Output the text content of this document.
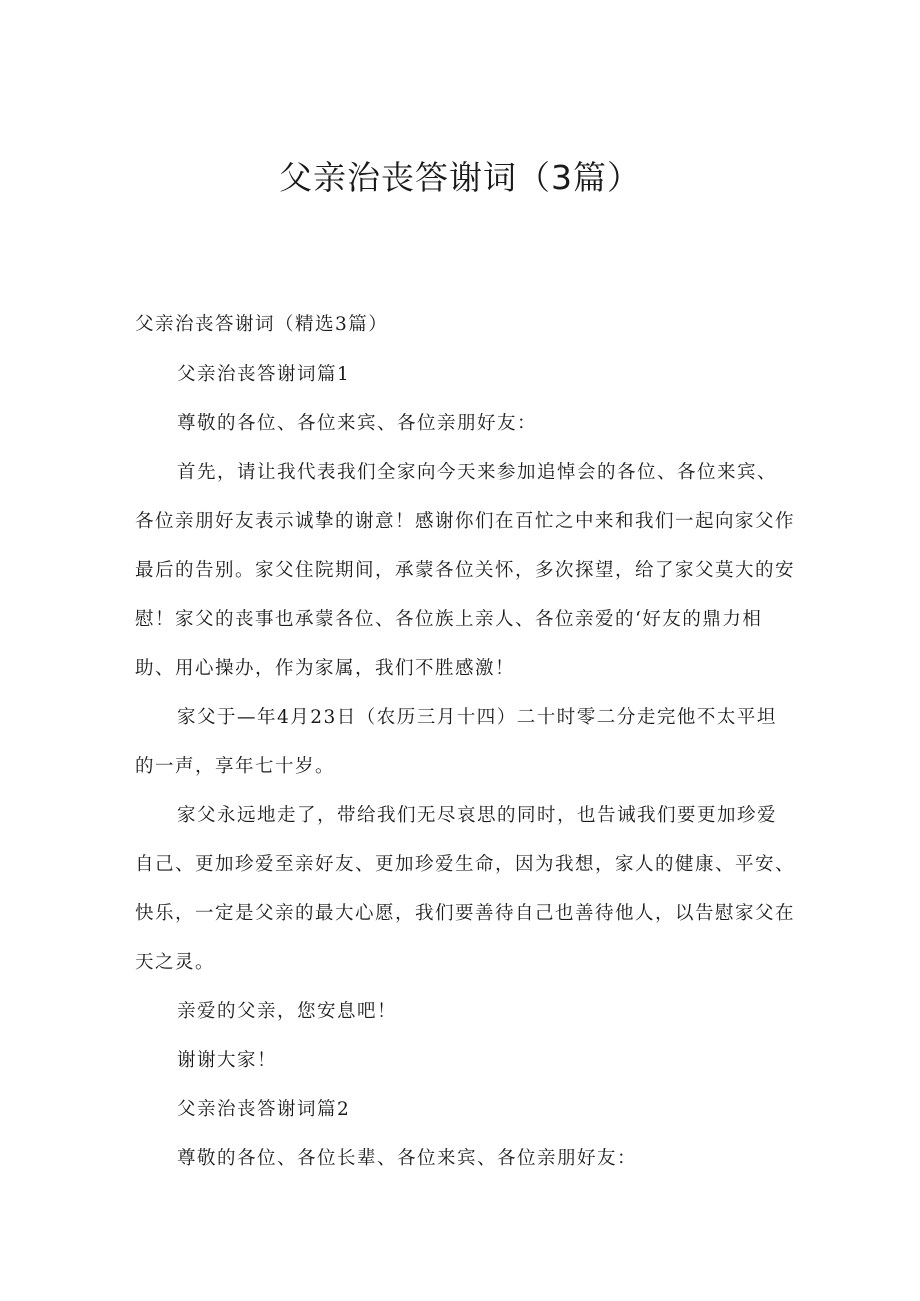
父亲治丧答谢词（3篇）
父亲治丧答谢词（精选3篇）

父亲治丧答谢词篇1

尊敬的各位、各位来宾、各位亲朋好友：

首先，请让我代表我们全家向今天来参加追悼会的各位、各位来宾、各位亲朋好友表示诚挚的谢意！感谢你们在百忙之中来和我们一起向家父作最后的告别。家父住院期间，承蒙各位关怀，多次探望，给了家父莫大的安慰！家父的丧事也承蒙各位、各位族上亲人、各位亲爱的‘好友的鼎力相助、用心操办，作为家属，我们不胜感激！

家父于—年4月23日（农历三月十四）二十时零二分走完他不太平坦的一声，享年七十岁。

家父永远地走了，带给我们无尽哀思的同时，也告诫我们要更加珍爱自己、更加珍爱至亲好友、更加珍爱生命，因为我想，家人的健康、平安、快乐，一定是父亲的最大心愿，我们要善待自己也善待他人，以告慰家父在天之灵。

亲爱的父亲，您安息吧！

谢谢大家！

父亲治丧答谢词篇2

尊敬的各位、各位长辈、各位来宾、各位亲朋好友：
